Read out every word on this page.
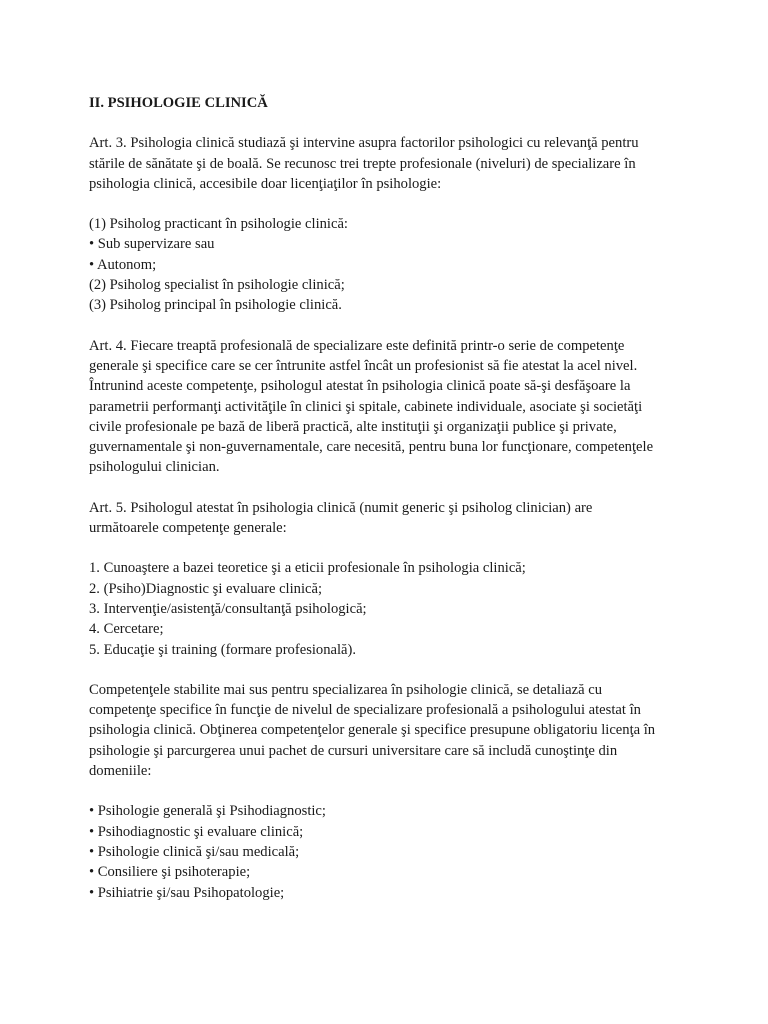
II. PSIHOLOGIE CLINICĂ

Art. 3. Psihologia clinică studiază şi intervine asupra factorilor psihologici cu relevanţă pentru
stările de sănătate şi de boală. Se recunosc trei trepte profesionale (niveluri) de specializare în
psihologia clinică, accesibile doar licenţiaţilor în psihologie:

(1) Psiholog practicant în psihologie clinică:
• Sub supervizare sau
• Autonom;
(2) Psiholog specialist în psihologie clinică;
(3) Psiholog principal în psihologie clinică.

Art. 4. Fiecare treaptă profesională de specializare este definită printr-o serie de competenţe
generale şi specifice care se cer întrunite astfel încât un profesionist să fie atestat la acel nivel.
Întrunind aceste competenţe, psihologul atestat în psihologia clinică poate să-şi desfăşoare la
parametrii performanţi activităţile în clinici şi spitale, cabinete individuale, asociate şi societăţi
civile profesionale pe bază de liberă practică, alte instituţii şi organizaţii publice şi private,
guvernamentale şi non-guvernamentale, care necesită, pentru buna lor funcţionare, competenţele
psihologului clinician.

Art. 5. Psihologul atestat în psihologia clinică (numit generic şi psiholog clinician) are
următoarele competenţe generale:

1. Cunoaştere a bazei teoretice şi a eticii profesionale în psihologia clinică;
2. (Psiho)Diagnostic şi evaluare clinică;
3. Intervenţie/asistenţă/consultanţă psihologică;
4. Cercetare;
5. Educaţie şi training (formare profesională).

Competenţele stabilite mai sus pentru specializarea în psihologie clinică, se detaliază cu
competenţe specifice în funcţie de nivelul de specializare profesională a psihologului atestat în
psihologia clinică. Obţinerea competenţelor generale şi specifice presupune obligatoriu licenţa în
psihologie şi parcurgerea unui pachet de cursuri universitare care să includă cunoştinţe din
domeniile:

• Psihologie generală şi Psihodiagnostic;
• Psihodiagnostic şi evaluare clinică;
• Psihologie clinică şi/sau medicală;
• Consiliere şi psihoterapie;
• Psihiatrie şi/sau Psihopatologie;
